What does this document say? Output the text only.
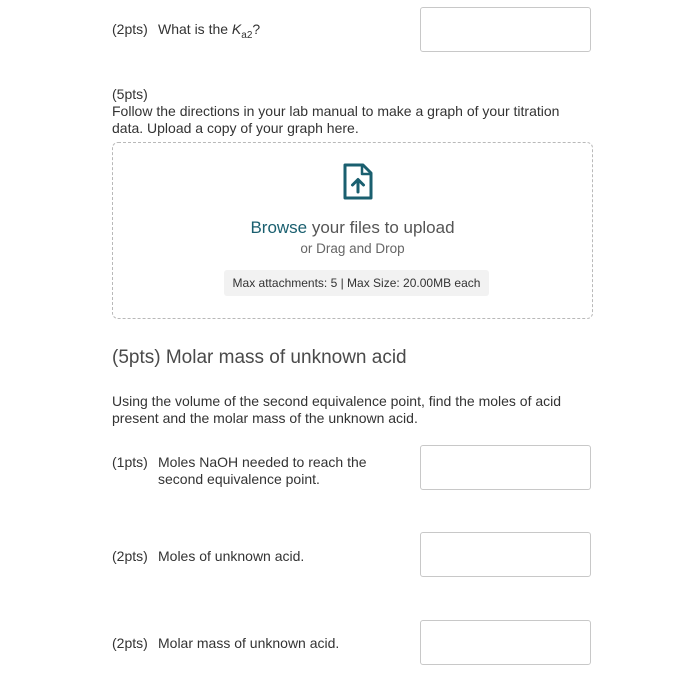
(2pts) What is the $K_{a2}$?
(5pts)
Follow the directions in your lab manual to make a graph of your titration
data. Upload a copy of your graph here.
Browse your files to upload
or Drag and Drop
Max attachments: 5 | Max Size: 20.00MB each
(5pts) Molar mass of unknown acid
Using the volume of the second equivalence point, find the moles of acid
present and the molar mass of the unknown acid.
(1pts) Moles NaOH needed to reach the
second equivalence point.
(2pts) Moles of unknown acid.
(2pts) Molar mass of unknown acid.
